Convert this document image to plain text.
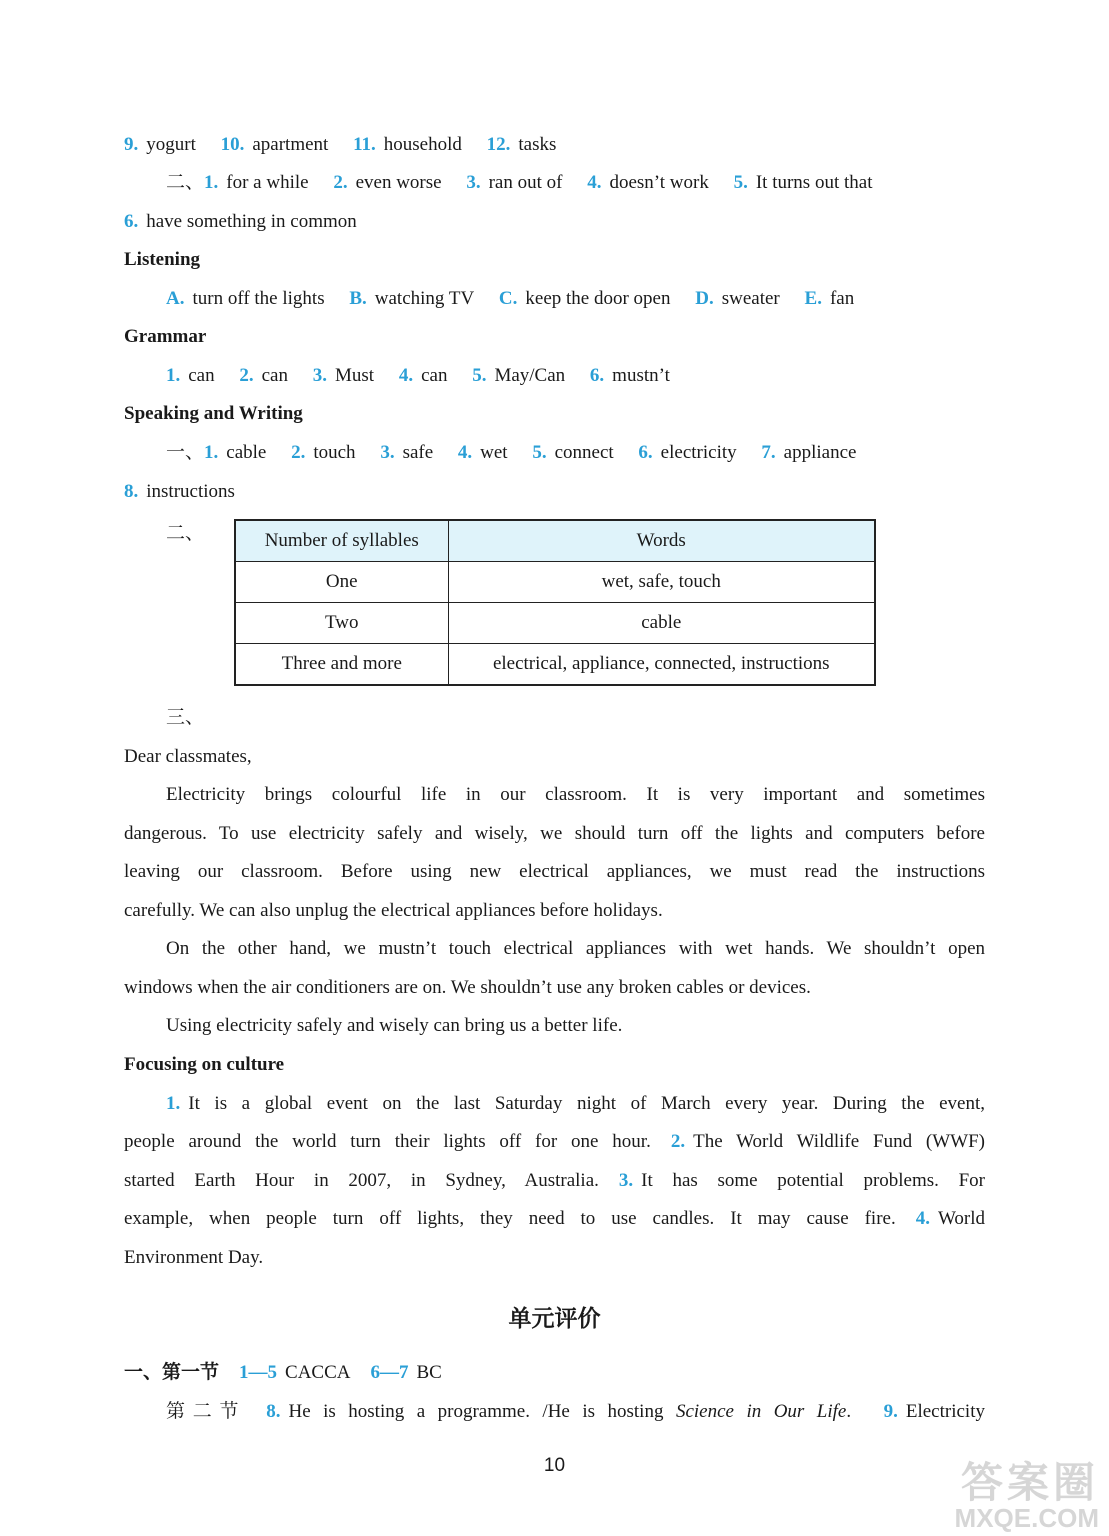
9. yogurt 10. apartment 11. household 12. tasks
二、1. for a while 2. even worse 3. ran out of 4. doesn’t work 5. It turns out that
6. have something in common
Listening
A. turn off the lights B. watching TV C. keep the door open D. sweater E. fan
Grammar
1. can 2. can 3. Must 4. can 5. May/Can 6. mustn’t
Speaking and Writing
一、1. cable 2. touch 3. safe 4. wet 5. connect 6. electricity 7. appliance
8. instructions
二、	Number of syllables	Words
One	wet, safe, touch
Two	cable
Three and more	electrical, appliance, connected, instructions
三、
Dear classmates,
Electricity brings colourful life in our classroom. It is very important and sometimes
dangerous. To use electricity safely and wisely, we should turn off the lights and computers before
leaving our classroom. Before using new electrical appliances, we must read the instructions
carefully. We can also unplug the electrical appliances before holidays.
On the other hand, we mustn’t touch electrical appliances with wet hands. We shouldn’t open
windows when the air conditioners are on. We shouldn’t use any broken cables or devices.
Using electricity safely and wisely can bring us a better life.
Focusing on culture
1. It is a global event on the last Saturday night of March every year. During the event,
people around the world turn their lights off for one hour. 2. The World Wildlife Fund (WWF)
started Earth Hour in 2007, in Sydney, Australia. 3. It has some potential problems. For
example, when people turn off lights, they need to use candles. It may cause fire. 4. World
Environment Day.
单元评价
一、第一节 1—5 CACCA 6—7 BC
第二节 8. He is hosting a programme. /He is hosting Science in Our Life. 9. Electricity
10	答案圈
MXQE.COM
